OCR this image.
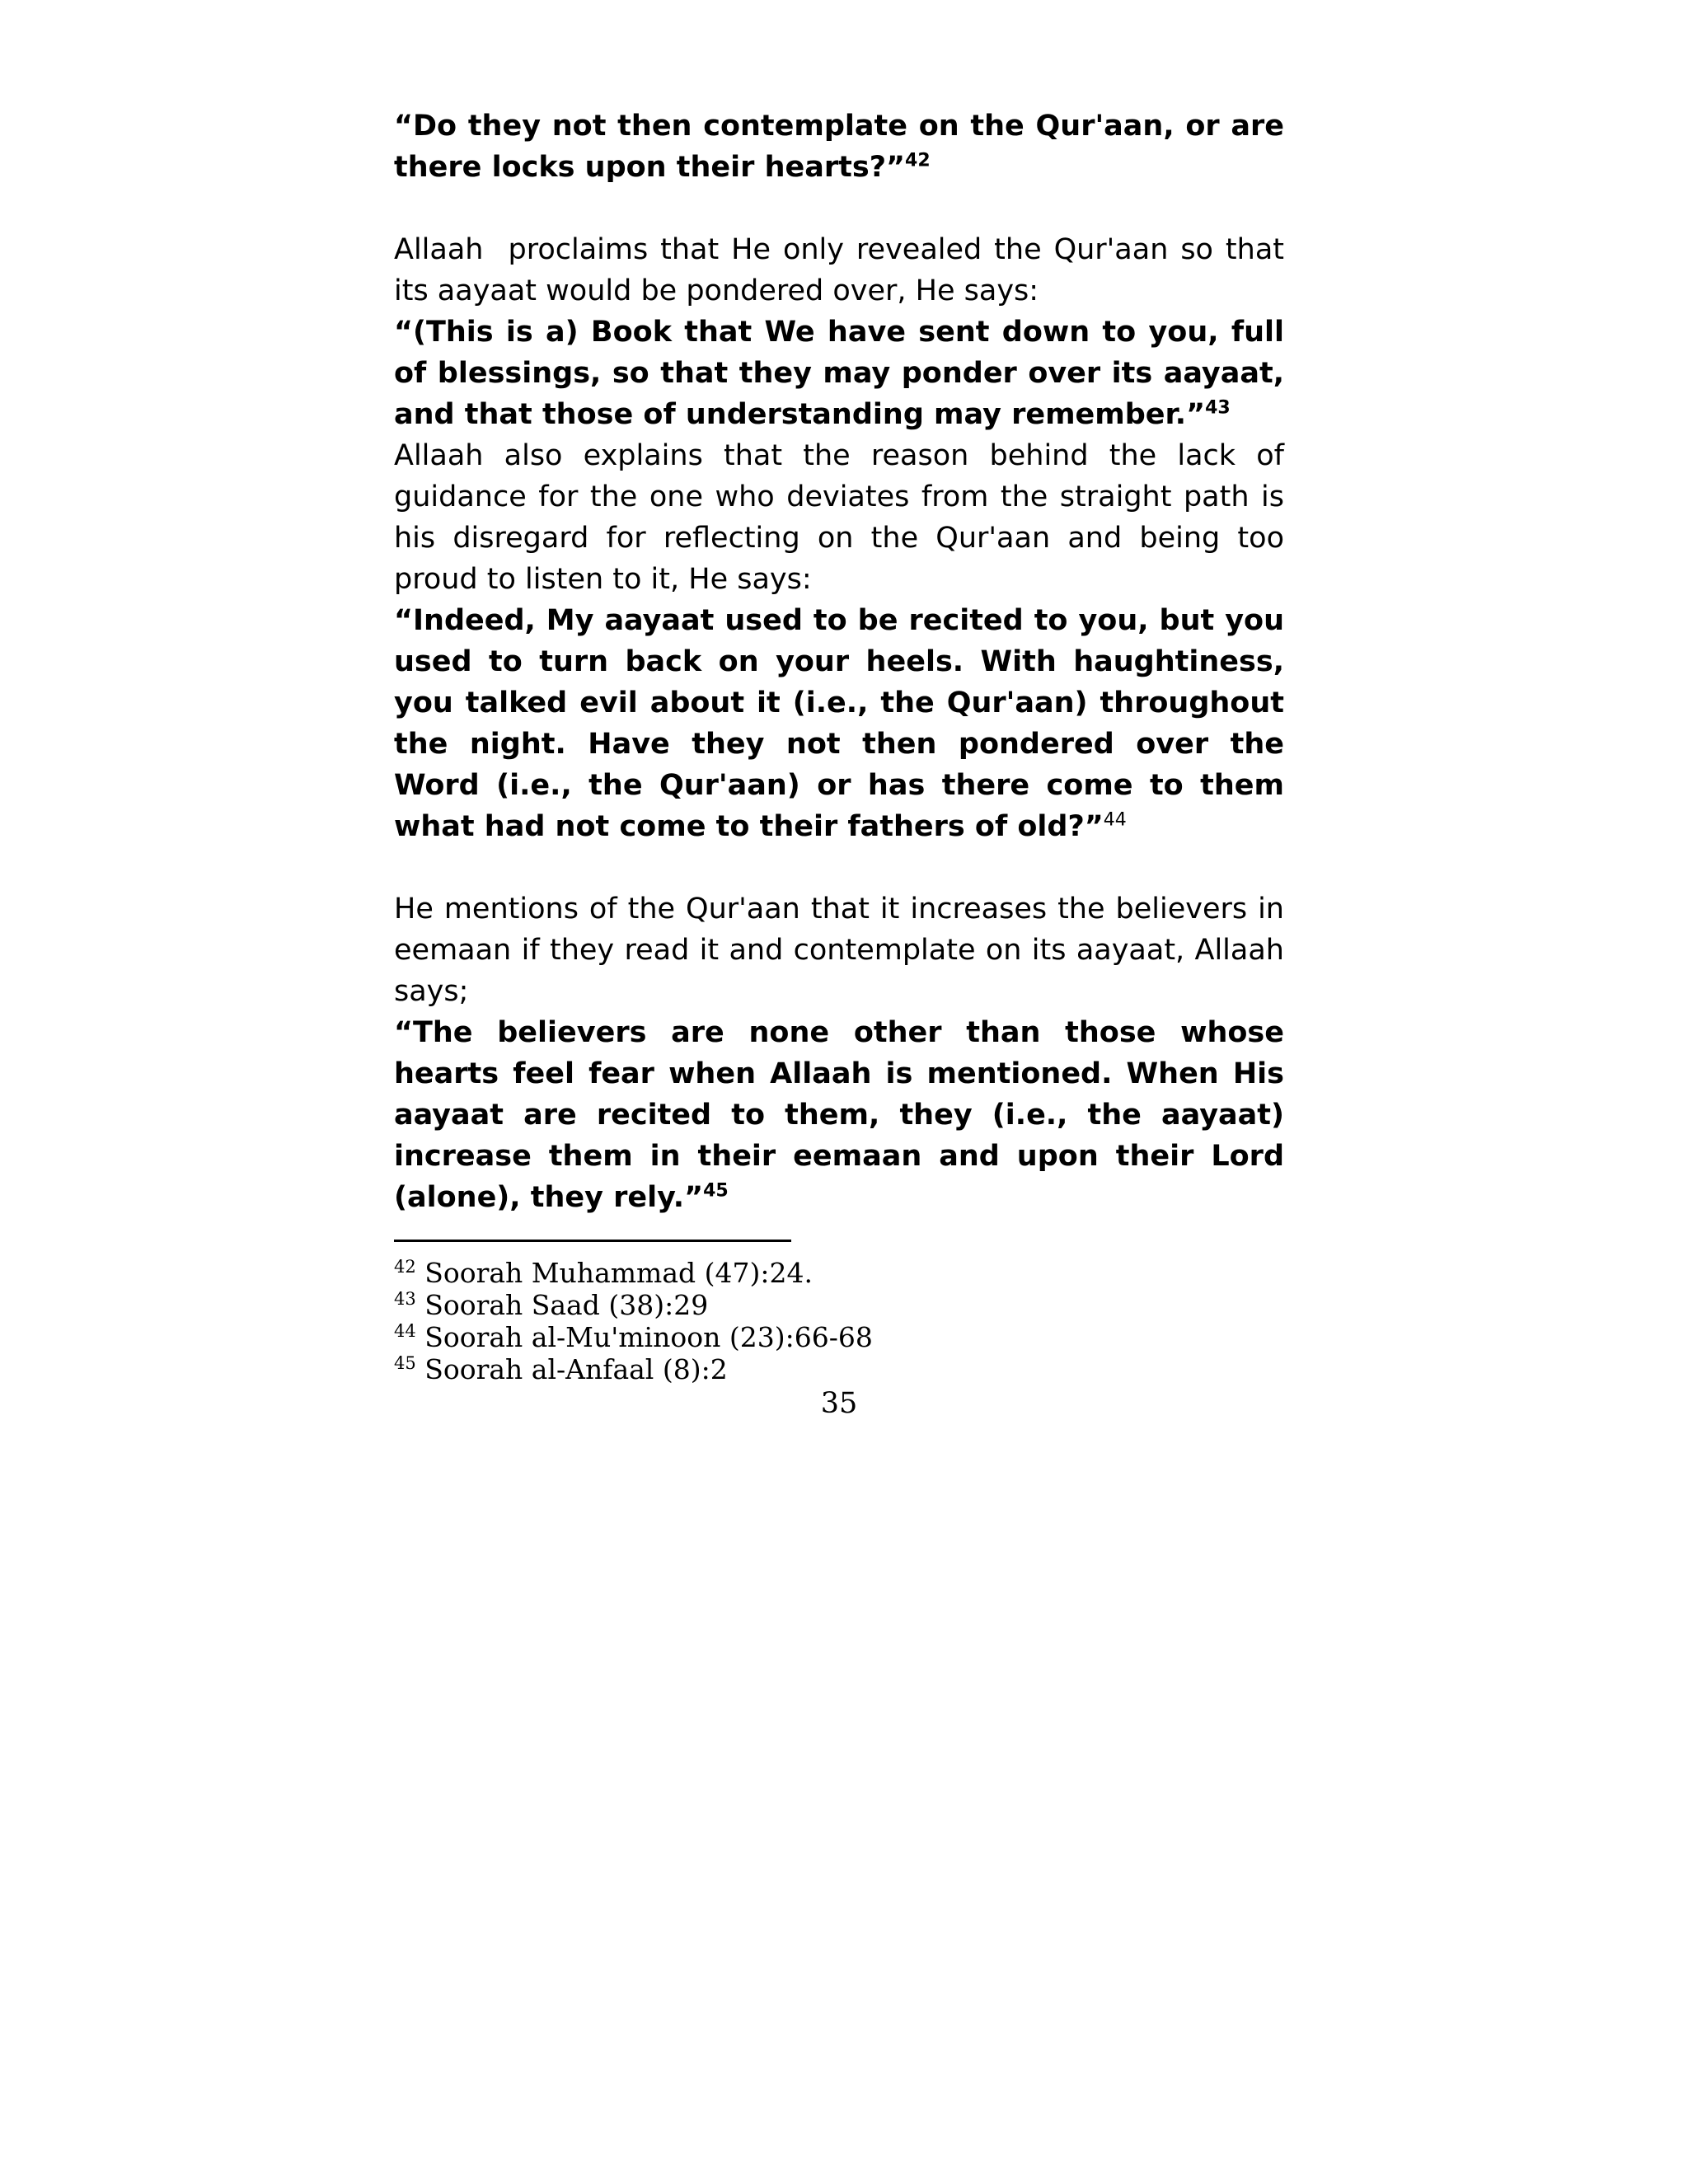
“Do they not then contemplate on the Qur'aan, or are there locks upon their hearts?”$^{42}$

Allaah proclaims that He only revealed the Qur'aan so that its aayaat would be pondered over, He says:

“(This is a) Book that We have sent down to you, full of blessings, so that they may ponder over its aayaat, and that those of understanding may remember.”$^{43}$

Allaah also explains that the reason behind the lack of guidance for the one who deviates from the straight path is his disregard for reflecting on the Qur'aan and being too proud to listen to it, He says:

“Indeed, My aayaat used to be recited to you, but you used to turn back on your heels. With haughtiness, you talked evil about it (i.e., the Qur'aan) throughout the night. Have they not then pondered over the Word (i.e., the Qur'aan) or has there come to them what had not come to their fathers of old?”$^{44}$

He mentions of the Qur'aan that it increases the believers in eemaan if they read it and contemplate on its aayaat, Allaah says;

“The believers are none other than those whose hearts feel fear when Allaah is mentioned. When His aayaat are recited to them, they (i.e., the aayaat) increase them in their eemaan and upon their Lord (alone), they rely.”$^{45}$

$^{42}$ Soorah Muhammad (47):24.
$^{43}$ Soorah Saad (38):29
$^{44}$ Soorah al-Mu'minoon (23):66-68
$^{45}$ Soorah al-Anfaal (8):2
35
